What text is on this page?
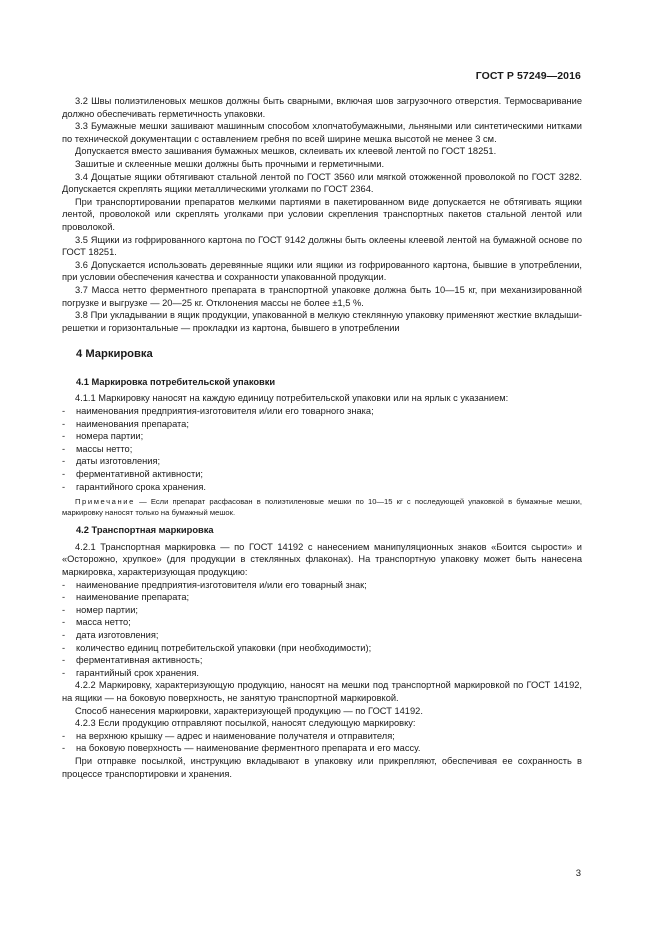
ГОСТ Р 57249—2016

3.2 Швы полиэтиленовых мешков должны быть сварными, включая шов загрузочного отверстия. Термосваривание должно обеспечивать герметичность упаковки.

3.3 Бумажные мешки зашивают машинным способом хлопчатобумажными, льняными или синтетическими нитками по технической документации с оставлением гребня по всей ширине мешка высотой не менее 3 см.

Допускается вместо зашивания бумажных мешков, склеивать их клеевой лентой по ГОСТ 18251.

Зашитые и склеенные мешки должны быть прочными и герметичными.

3.4 Дощатые ящики обтягивают стальной лентой по ГОСТ 3560 или мягкой отожженной проволокой по ГОСТ 3282. Допускается скреплять ящики металлическими уголками по ГОСТ 2364.

При транспортировании препаратов мелкими партиями в пакетированном виде допускается не обтягивать ящики лентой, проволокой или скреплять уголками при условии скрепления транспортных пакетов стальной лентой или проволокой.

3.5 Ящики из гофрированного картона по ГОСТ 9142 должны быть оклеены клеевой лентой на бумажной основе по ГОСТ 18251.

3.6 Допускается использовать деревянные ящики или ящики из гофрированного картона, бывшие в употреблении, при условии обеспечения качества и сохранности упакованной продукции.

3.7 Масса нетто ферментного препарата в транспортной упаковке должна быть 10—15 кг, при механизированной погрузке и выгрузке — 20—25 кг. Отклонения массы не более ±1,5 %.

3.8 При укладывании в ящик продукции, упакованной в мелкую стеклянную упаковку применяют жесткие вкладыши-решетки и горизонтальные — прокладки из картона, бывшего в употреблении

4 Маркировка

4.1 Маркировка потребительской упаковки

4.1.1 Маркировку наносят на каждую единицу потребительской упаковки или на ярлык с указанием:

- наименования предприятия-изготовителя и/или его товарного знака;

- наименования препарата;

- номера партии;

- массы нетто;

- даты изготовления;

- ферментативной активности;

- гарантийного срока хранения.

Примечание — Если препарат расфасован в полиэтиленовые мешки по 10—15 кг с последующей упаковкой в бумажные мешки, маркировку наносят только на бумажный мешок.

4.2 Транспортная маркировка

4.2.1 Транспортная маркировка — по ГОСТ 14192 с нанесением манипуляционных знаков «Боится сырости» и «Осторожно, хрупкое» (для продукции в стеклянных флаконах). На транспортную упаковку может быть нанесена маркировка, характеризующая продукцию:

- наименование предприятия-изготовителя и/или его товарный знак;

- наименование препарата;

- номер партии;

- масса нетто;

- дата изготовления;

- количество единиц потребительской упаковки (при необходимости);

- ферментативная активность;

- гарантийный срок хранения.

4.2.2 Маркировку, характеризующую продукцию, наносят на мешки под транспортной маркировкой по ГОСТ 14192, на ящики — на боковую поверхность, не занятую транспортной маркировкой.

Способ нанесения маркировки, характеризующей продукцию — по ГОСТ 14192.

4.2.3 Если продукцию отправляют посылкой, наносят следующую маркировку:

- на верхнюю крышку — адрес и наименование получателя и отправителя;

- на боковую поверхность — наименование ферментного препарата и его массу.

При отправке посылкой, инструкцию вкладывают в упаковку или прикрепляют, обеспечивая ее сохранность в процессе транспортировки и хранения.

3
